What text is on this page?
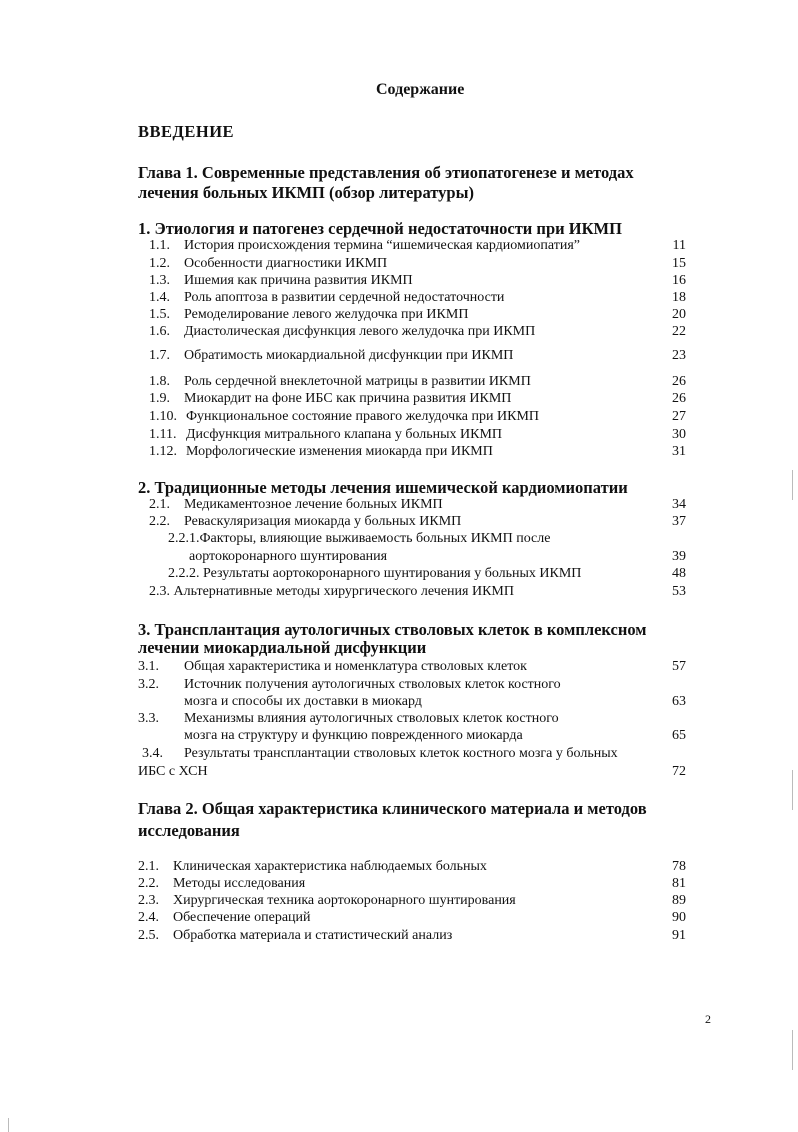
Содержание
ВВЕДЕНИЕ
Глава 1. Современные представления об этиопатогенезе и методах
лечения больных ИКМП (обзор литературы)
1. Этиология и патогенез сердечной недостаточности при ИКМП
1.1. История происхождения термина “ишемическая кардиомиопатия”	11
1.2. Особенности диагностики ИКМП	15
1.3. Ишемия как причина развития ИКМП	16
1.4. Роль апоптоза в развитии сердечной недостаточности	18
1.5. Ремоделирование левого желудочка при ИКМП	20
1.6. Диастолическая дисфункция левого желудочка при ИКМП	22
1.7. Обратимость миокардиальной дисфункции при ИКМП	23
1.8. Роль сердечной внеклеточной матрицы в развитии ИКМП	26
1.9. Миокардит на фоне ИБС как причина развития ИКМП	26
1.10. Функциональное состояние правого желудочка при ИКМП	27
1.11. Дисфункция митрального клапана у больных ИКМП	30
1.12. Морфологические изменения миокарда при ИКМП	31
2. Традиционные методы лечения ишемической кардиомиопатии
2.1. Медикаментозное лечение больных ИКМП	34
2.2. Реваскуляризация миокарда у больных ИКМП	37
2.2.1.Факторы, влияющие выживаемость больных ИКМП после
аортокоронарного шунтирования	39
2.2.2. Результаты аортокоронарного шунтирования у больных ИКМП	48
2.3. Альтернативные методы хирургического лечения ИКМП	53
3. Трансплантация аутологичных стволовых клеток в комплексном
лечении миокардиальной дисфункции
3.1. Общая характеристика и номенклатура стволовых клеток	57
3.2. Источник получения аутологичных стволовых клеток костного
мозга и способы их доставки в миокард	63
3.3. Механизмы влияния аутологичных стволовых клеток костного
мозга на структуру и функцию поврежденного миокарда	65
3.4. Результаты трансплантации стволовых клеток костного мозга у больных
ИБС с ХСН	72
Глава 2. Общая характеристика клинического материала и методов
исследования
2.1. Клиническая характеристика наблюдаемых больных	78
2.2. Методы исследования	81
2.3. Хирургическая техника аортокоронарного шунтирования	89
2.4. Обеспечение операций	90
2.5. Обработка материала и статистический анализ	91
2
